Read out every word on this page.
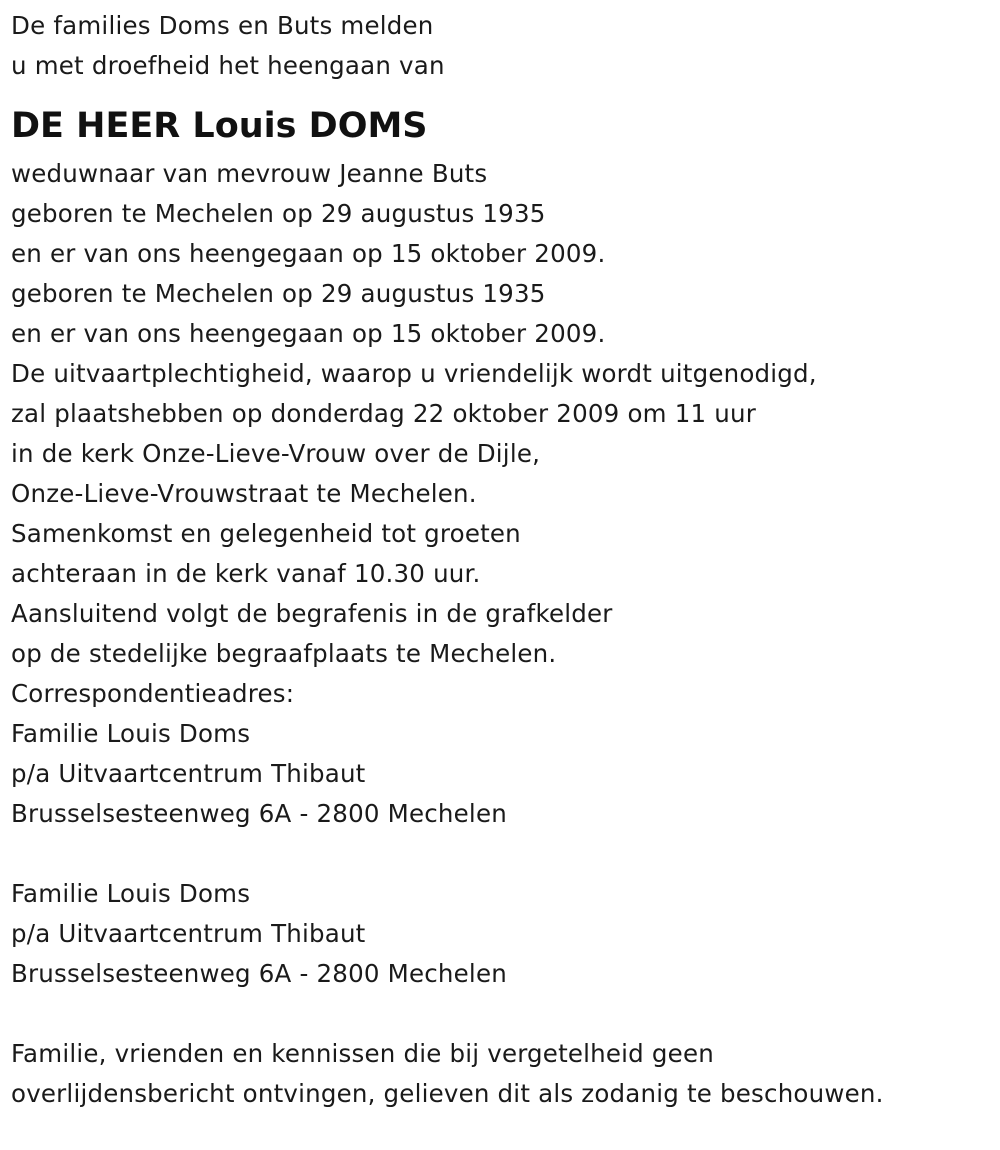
De families Doms en Buts melden
u met droefheid het heengaan van
DE HEER Louis DOMS
weduwnaar van mevrouw Jeanne Buts
geboren te Mechelen op 29 augustus 1935
en er van ons heengegaan op 15 oktober 2009.
geboren te Mechelen op 29 augustus 1935
en er van ons heengegaan op 15 oktober 2009.
De uitvaartplechtigheid, waarop u vriendelijk wordt uitgenodigd,
zal plaatshebben op donderdag 22 oktober 2009 om 11 uur
in de kerk Onze-Lieve-Vrouw over de Dijle,
Onze-Lieve-Vrouwstraat te Mechelen.
Samenkomst en gelegenheid tot groeten
achteraan in de kerk vanaf 10.30 uur.
Aansluitend volgt de begrafenis in de grafkelder
op de stedelijke begraafplaats te Mechelen.
Correspondentieadres:
Familie Louis Doms
p/a Uitvaartcentrum Thibaut
Brusselsesteenweg 6A - 2800 Mechelen
Familie Louis Doms
p/a Uitvaartcentrum Thibaut
Brusselsesteenweg 6A - 2800 Mechelen
Familie, vrienden en kennissen die bij vergetelheid geen
overlijdensbericht ontvingen, gelieven dit als zodanig te beschouwen.
